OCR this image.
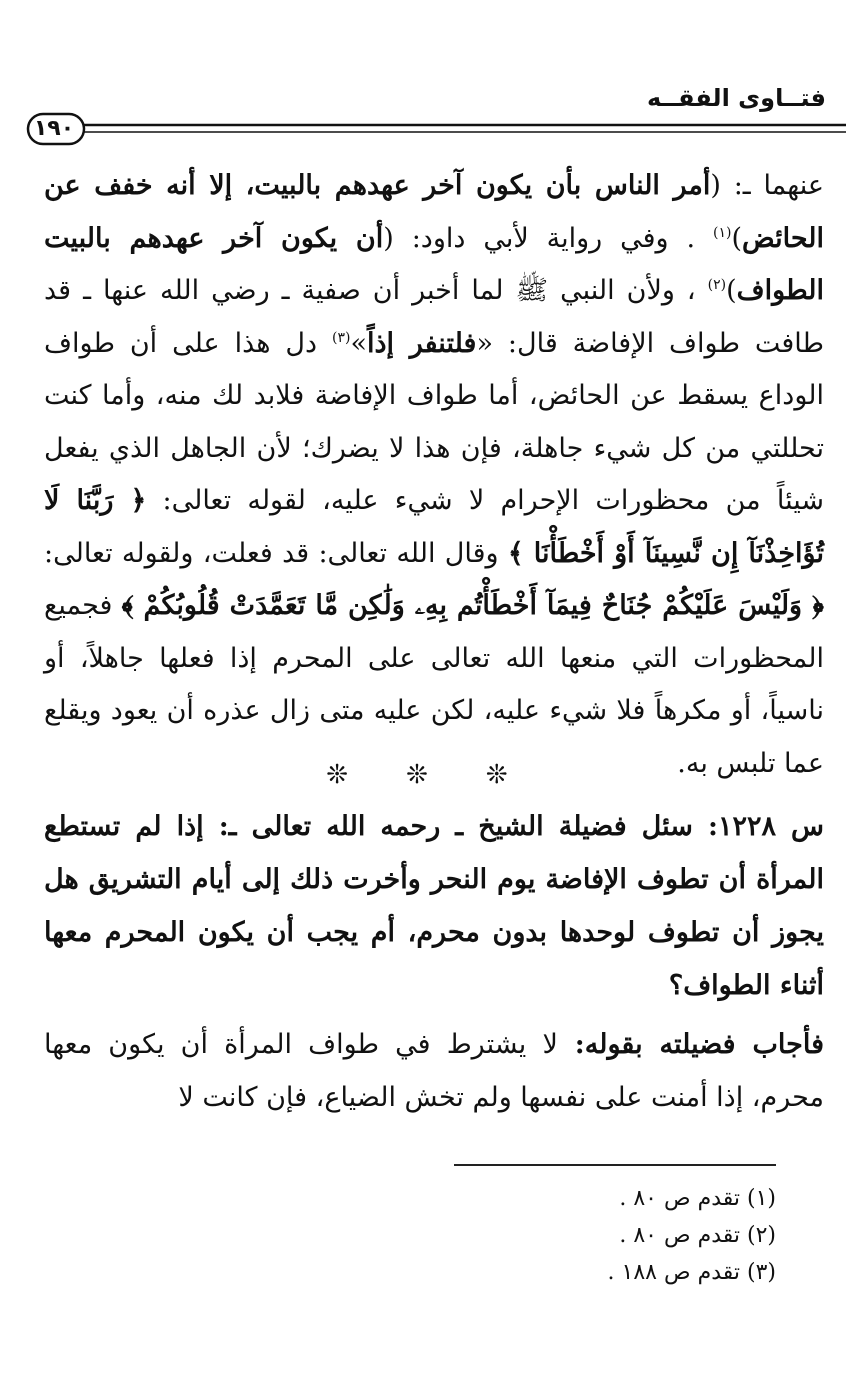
فتــاوى الفقــه
١٩٠

عنهما ـ: (أمر الناس بأن يكون آخر عهدهم بالبيت، إلا أنه خفف عن الحائض)$^{(١)}$ . وفي رواية لأبي داود: (أن يكون آخر عهدهم بالبيت الطواف)$^{(٢)}$ ، ولأن النبي ﷺ لما أخبر أن صفية ـ رضي الله عنها ـ قد طافت طواف الإفاضة قال: «فلتنفر إذاً»$^{(٣)}$ دل هذا على أن طواف الوداع يسقط عن الحائض، أما طواف الإفاضة فلابد لك منه، وأما كنت تحللتي من كل شيء جاهلة، فإن هذا لا يضرك؛ لأن الجاهل الذي يفعل شيئاً من محظورات الإحرام لا شيء عليه، لقوله تعالى: ﴿ رَبَّنَا لَا تُؤَاخِذْنَآ إِن نَّسِينَآ أَوْ أَخْطَأْنَا ﴾ وقال الله تعالى: قد فعلت، ولقوله تعالى: ﴿ وَلَيْسَ عَلَيْكُمْ جُنَاحٌ فِيمَآ أَخْطَأْتُم بِهِۦ وَلَٰكِن مَّا تَعَمَّدَتْ قُلُوبُكُمْ ﴾ فجميع المحظورات التي منعها الله تعالى على المحرم إذا فعلها جاهلاً، أو ناسياً، أو مكرهاً فلا شيء عليه، لكن عليه متى زال عذره أن يعود ويقلع عما تلبس به.

❊ ❊ ❊
س ١٢٢٨: سئل فضيلة الشيخ ـ رحمه الله تعالى ـ: إذا لم تستطع المرأة أن تطوف الإفاضة يوم النحر وأخرت ذلك إلى أيام التشريق هل يجوز أن تطوف لوحدها بدون محرم، أم يجب أن يكون المحرم معها أثناء الطواف؟
فأجاب فضيلته بقوله: لا يشترط في طواف المرأة أن يكون معها محرم، إذا أمنت على نفسها ولم تخش الضياع، فإن كانت لا
(١) تقدم ص ٨٠ .
(٢) تقدم ص ٨٠ .
(٣) تقدم ص ١٨٨ .
